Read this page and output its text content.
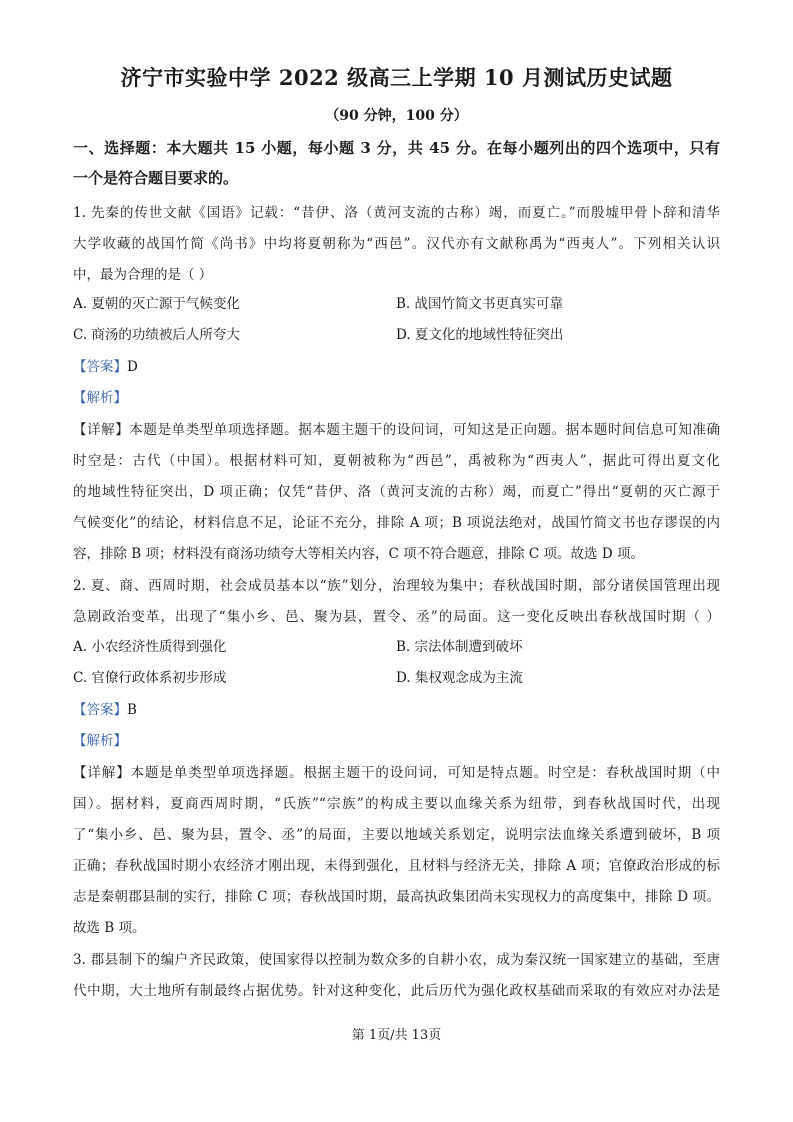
济宁市实验中学 2022 级高三上学期 10 月测试历史试题
（90 分钟，100 分）
一、选择题：本大题共 15 小题，每小题 3 分，共 45 分。在每小题列出的四个选项中，只有
一个是符合题目要求的。
1. 先秦的传世文献《国语》记载：“昔伊、洛（黄河支流的古称）竭，而夏亡。”而殷墟甲骨卜辞和清华
大学收藏的战国竹简《尚书》中均将夏朝称为“西邑”。汉代亦有文献称禹为“西夷人”。下列相关认识
中，最为合理的是（ ）
A. 夏朝的灭亡源于气候变化	B. 战国竹简文书更真实可靠
C. 商汤的功绩被后人所夸大	D. 夏文化的地域性特征突出
【答案】D
【解析】
【详解】本题是单类型单项选择题。据本题主题干的设问词，可知这是正向题。据本题时间信息可知准确
时空是：古代（中国）。根据材料可知，夏朝被称为“西邑”，禹被称为“西夷人”，据此可得出夏文化
的地域性特征突出，D 项正确；仅凭“昔伊、洛（黄河支流的古称）竭，而夏亡”得出“夏朝的灭亡源于
气候变化”的结论，材料信息不足，论证不充分，排除 A 项；B 项说法绝对，战国竹简文书也存谬误的内
容，排除 B 项；材料没有商汤功绩夸大等相关内容，C 项不符合题意，排除 C 项。故选 D 项。
2. 夏、商、西周时期，社会成员基本以“族”划分，治理较为集中；春秋战国时期，部分诸侯国管理出现
急剧政治变革，出现了“集小乡、邑、聚为县，置令、丞”的局面。这一变化反映出春秋战国时期（ ）
A. 小农经济性质得到强化	B. 宗法体制遭到破坏
C. 官僚行政体系初步形成	D. 集权观念成为主流
【答案】B
【解析】
【详解】本题是单类型单项选择题。根据主题干的设问词，可知是特点题。时空是：春秋战国时期（中
国）。据材料，夏商西周时期，“氏族”“宗族”的构成主要以血缘关系为纽带，到春秋战国时代，出现
了“集小乡、邑、聚为县，置令、丞”的局面，主要以地域关系划定，说明宗法血缘关系遭到破坏，B 项
正确；春秋战国时期小农经济才刚出现，未得到强化，且材料与经济无关，排除 A 项；官僚政治形成的标
志是秦朝郡县制的实行，排除 C 项；春秋战国时期，最高执政集团尚未实现权力的高度集中，排除 D 项。
故选 B 项。
3. 郡县制下的编户齐民政策，使国家得以控制为数众多的自耕小农，成为秦汉统一国家建立的基础，至唐
代中期，大土地所有制最终占据优势。针对这种变化，此后历代为强化政权基础而采取的有效应对办法是
第 1页/共 13页
